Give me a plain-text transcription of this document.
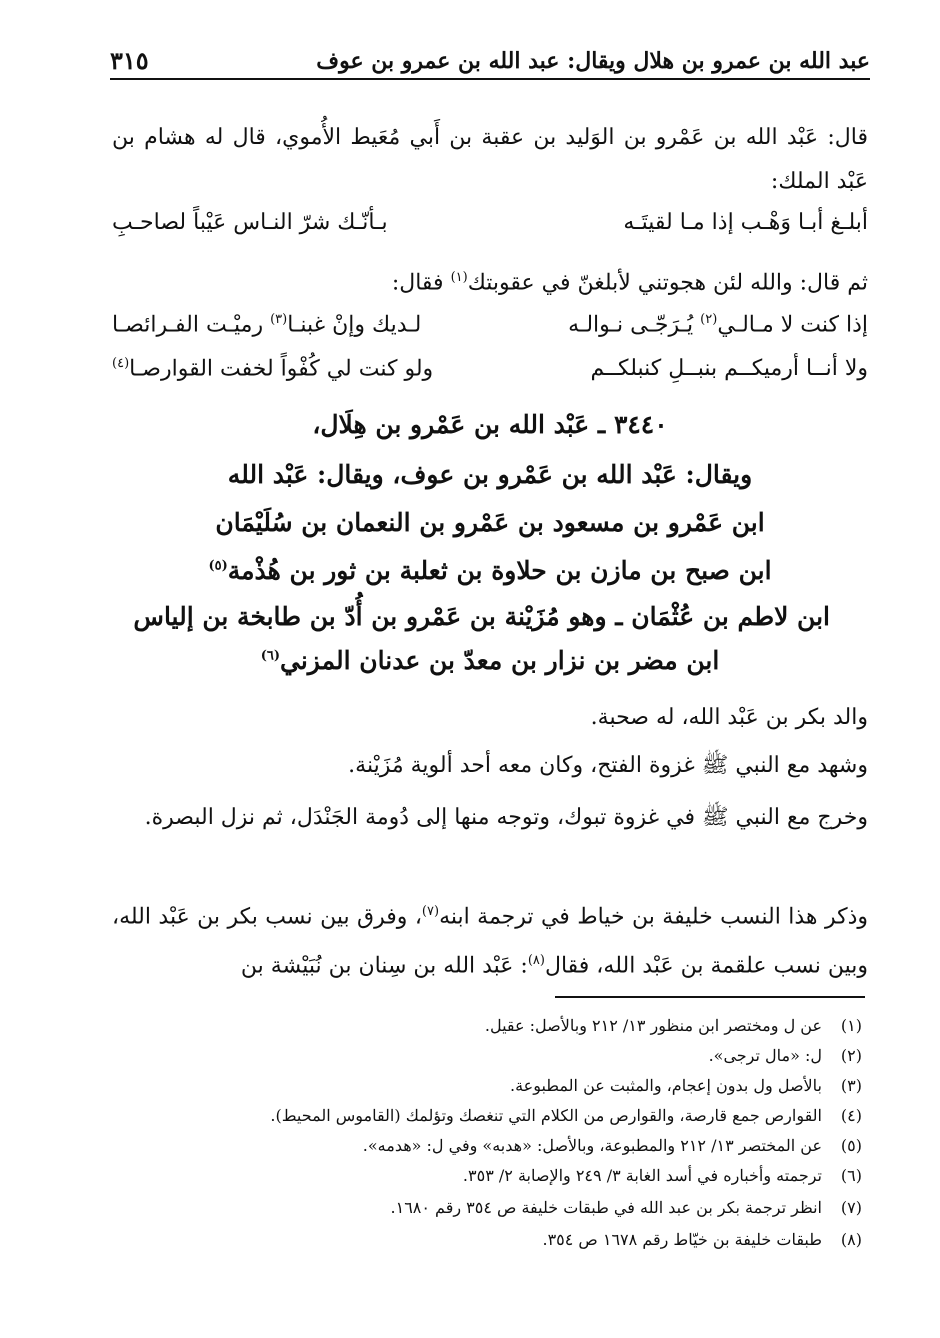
عبد الله بن عمرو بن هلال ويقال: عبد الله بن عمرو بن عوف
٣١٥
قال: عَبْد الله بن عَمْرو بن الوَليد بن عقبة بن أَبي مُعَيط الأُموي، قال له هشام بن عَبْد الملك:
أبلـغ أبـا وَهْـب إذا مـا لقيتَـه
بـأنّـك شرّ النـاس عَيْباً لصاحـبِ
ثم قال: والله لئن هجوتني لأبلغنّ في عقوبتك$^{(١)}$ فقال:
إذا كنت لا مـالـي$^{(٢)}$ يُـرَجّـى نـوالـه
لـديك وإنْ غبنـا$^{(٣)}$ رميْـت الفـرائصـا
ولا أنــا أرميكــم بنبــلِ كنبلكــم
ولو كنت لي كُفْواً لخفت القوارصـا$^{(٤)}$
٣٤٤٠ ـ عَبْد الله بن عَمْرو بن هِلَال،
ويقال: عَبْد الله بن عَمْرو بن عوف، ويقال: عَبْد الله
ابن عَمْرو بن مسعود بن عَمْرو بن النعمان بن سُلَيْمَان
ابن صبح بن مازن بن حلاوة بن ثعلبة بن ثور بن هُذْمة$^{(٥)}$
ابن لاطم بن عُثْمَان ـ وهو مُزَيْنة بن عَمْرو بن أُدّ بن طابخة بن إلياس
ابن مضر بن نزار بن معدّ بن عدنان المزني$^{(٦)}$
والد بكر بن عَبْد الله، له صحبة.
وشهد مع النبي ﷺ غزوة الفتح، وكان معه أحد ألوية مُزَيْنة.
وخرج مع النبي ﷺ في غزوة تبوك، وتوجه منها إلى دُومة الجَنْدَل، ثم نزل البصرة.
وذكر هذا النسب خليفة بن خياط في ترجمة ابنه$^{(٧)}$، وفرق بين نسب بكر بن عَبْد الله، وبين نسب علقمة بن عَبْد الله، فقال$^{(٨)}$: عَبْد الله بن سِنان بن نُبَيْشة بن
(١)عن ل ومختصر ابن منظور ١٣/ ٢١٢ وبالأصل: عقيل.
(٢)ل: «مال ترجى».
(٣)بالأصل ول بدون إعجام، والمثبت عن المطبوعة.
(٤)القوارص جمع قارصة، والقوارص من الكلام التي تنغصك وتؤلمك (القاموس المحيط).
(٥)عن المختصر ١٣/ ٢١٢ والمطبوعة، وبالأصل: «هدبه» وفي ل: «هدمه».
(٦)ترجمته وأخباره في أسد الغابة ٣/ ٢٤٩ والإصابة ٢/ ٣٥٣.
(٧)انظر ترجمة بكر بن عبد الله في طبقات خليفة ص ٣٥٤ رقم ١٦٨٠.
(٨)طبقات خليفة بن خيّاط رقم ١٦٧٨ ص ٣٥٤.
